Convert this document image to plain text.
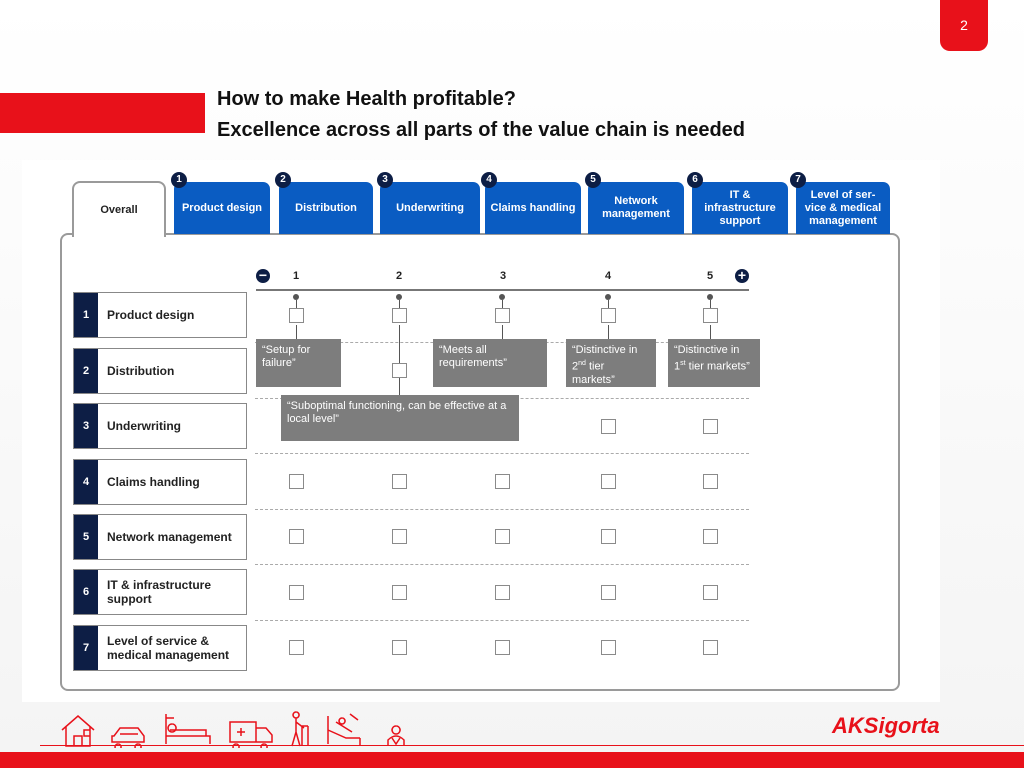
2
How to make Health profitable?
Excellence across all parts of the value chain is needed
Overall
1
Product design
2
Distribution
3
Underwriting
4
Claims handling
5
Network management
6
IT & infrastructure support
7
Level of ser-vice & medical management
−	+
1	2	3	4	5
1	Product design
2	Distribution
3	Underwriting
4	Claims handling
5	Network management
6	IT & infrastructure support
7	Level of service & medical management
“Setup for failure”
“Suboptimal functioning, can be effective at a local level”
“Meets all requirements”
“Distinctive in 2nd tier markets”
“Distinctive in 1st tier markets”
AKSigorta
